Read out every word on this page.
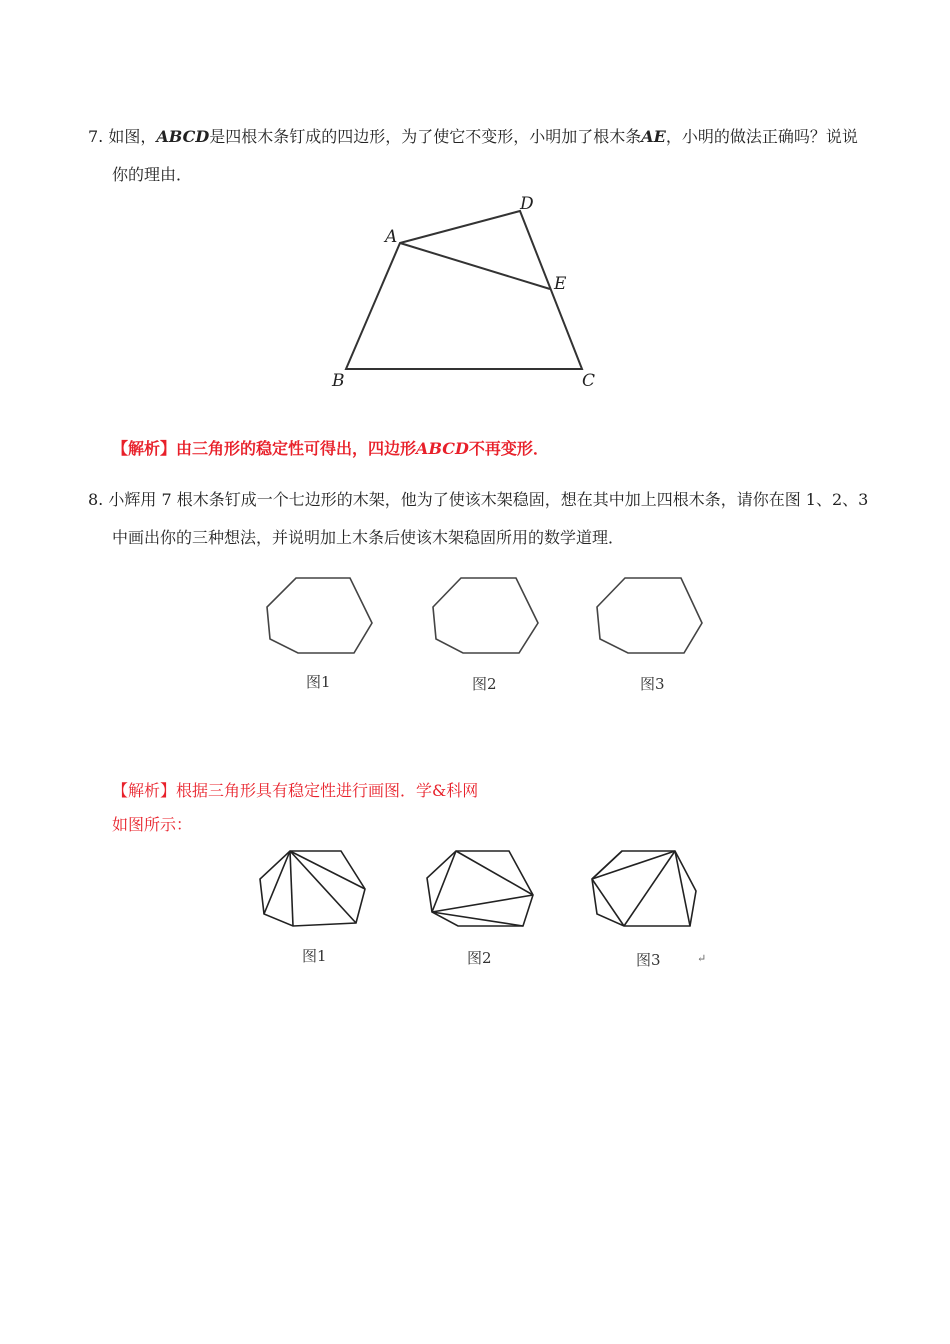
7. 如图，ABCD是四根木条钉成的四边形，为了使它不变形，小明加了根木条AE，小明的做法正确吗？说说
你的理由．
A
B	C
D
E
【解析】由三角形的稳定性可得出，四边形ABCD不再变形．
8. 小辉用 7 根木条钉成一个七边形的木架，他为了使该木架稳固，想在其中加上四根木条，请你在图 1、2、3
中画出你的三种想法，并说明加上木条后使该木架稳固所用的数学道理．
图1	图2	图3
【解析】根据三角形具有稳定性进行画图．学&科网
如图所示：
图1	图2	图3	↵
